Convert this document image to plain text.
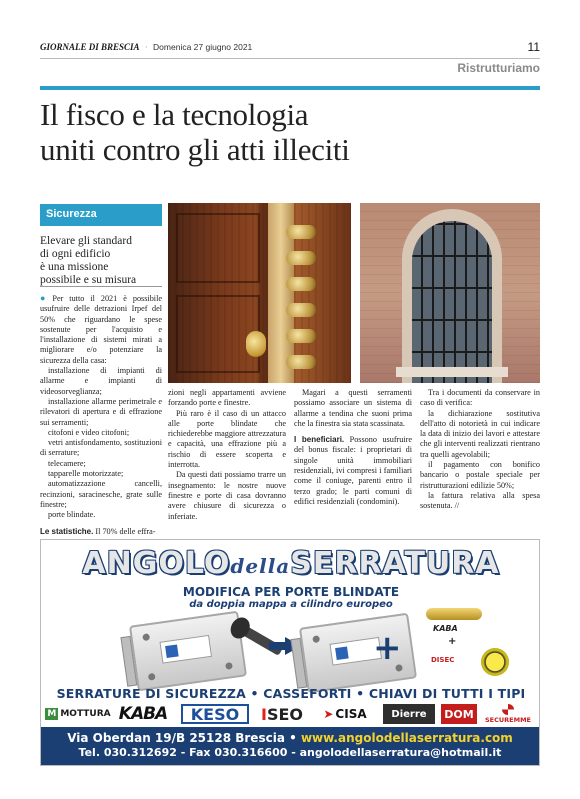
GIORNALE DI BRESCIA · Domenica 27 giugno 2021	11
Ristrutturiamo
Il fisco e la tecnologia
uniti contro gli atti illeciti
Sicurezza
Elevare gli standard
di ogni edificio
è una missione
possibile e su misura

● Per tutto il 2021 è possibile usufruire delle detrazioni Irpef del 50% che riguardano le spese sostenute per l'acquisto e l'installazione di sistemi mirati a migliorare e/o potenziare la sicurezza della casa:

installazione di impianti di allarme e impianti di videosorveglianza;

installazione allarme perimetrale e rilevatori di apertura e di effrazione sui serramenti;

citofoni e video citofoni;

vetri antisfondamento, sostituzioni di serrature;

telecamere;

tapparelle motorizzate;

automatizzazione cancelli, recinzioni, saracinesche, grate sulle finestre;

porte blindate.

Le statistiche. Il 70% delle effra-

zioni negli appartamenti avviene forzando porte e finestre.

Più raro è il caso di un attacco alle porte blindate che richiederebbe maggiore attrezzatura e capacità, una effrazione più a rischio di essere scoperta e interrotta.

Da questi dati possiamo trarre un insegnamento: le nostre nuove finestre e porte di casa dovranno avere chiusure di sicurezza o inferiate.

Magari a questi serramenti possiamo associare un sistema di allarme a tendina che suoni prima che la finestra sia stata scassinata.

I beneficiari. Possono usufruire del bonus fiscale: i proprietari di singole unità immobiliari residenziali, ivi compresi i familiari come il coniuge, parenti entro il terzo grado; le parti comuni di edifici residenziali (condomini).

Tra i documenti da conservare in caso di verifica:

la dichiarazione sostitutiva dell'atto di notorietà in cui indicare la data di inizio dei lavori e attestare che gli interventi realizzati rientrano tra quelli agevolabili;

il pagamento con bonifico bancario o postale speciale per ristrutturazioni edilizie 50%;

la fattura relativa alla spesa sostenuta. //

ANGOLOdellaSERRATURA
MODIFICA PER PORTE BLINDATE
da doppia mappa a cilindro europeo
+	KABA
+
DISEC
SERRATURE DI SICUREZZA • CASSEFORTI • CHIAVI DI TUTTI I TIPI
M MOTTURA KABA	KESO	I SEO ➤ CISA	Dierre	DOM	SECUREMME
Via Oberdan 19/B 25128 Brescia • www.angolodellaserratura.com
Tel. 030.312692 - Fax 030.316600 - angolodellaserratura@hotmail.it
